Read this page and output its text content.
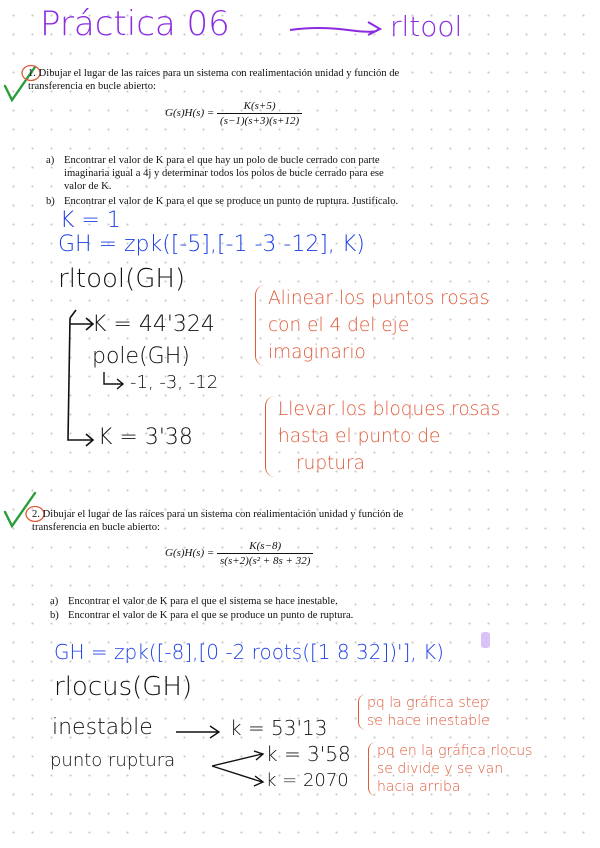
Práctica 06	rltool
1. Dibujar el lugar de las raíces para un sistema con realimentación unidad y función de
transferencia en bucle abierto:
$G(s)H(s) = \frac{K(s+5)}{(s-1)(s+3)(s+12)}$
a) Encontrar el valor de K para el que hay un polo de bucle cerrado con parte
imaginaria igual a 4j y determinar todos los polos de bucle cerrado para ese
valor de K.
b) Encontrar el valor de K para el que se produce un punto de ruptura. Justifícalo.
K = 1
GH = zpk([-5],[-1 -3 -12], K)
rltool(GH)
K = 44'324
pole(GH)
-1, -3, -12
K = 3'38
Alinear los puntos rosas
con el 4 del eje
imaginario
Llevar los bloques rosas
hasta el punto de
ruptura
2. Dibujar el lugar de las raíces para un sistema con realimentación unidad y función de
transferencia en bucle abierto:
$G(s)H(s) = \frac{K(s-8)}{\text{s(s+2)(s² + 8s + 32)}}$
a) Encontrar el valor de K para el que el sistema se hace inestable.
b) Encontrar el valor de K para el que se produce un punto de ruptura.
GH = zpk([-8],[0 -2 roots([1 8 32])'], K)
rlocus(GH)
inestable	k = 53'13
punto ruptura	k = 3'58
k = 2070
pq la gráfica step
se hace inestable
pq en la gráfica rlocus
se divide y se van
hacia arriba
